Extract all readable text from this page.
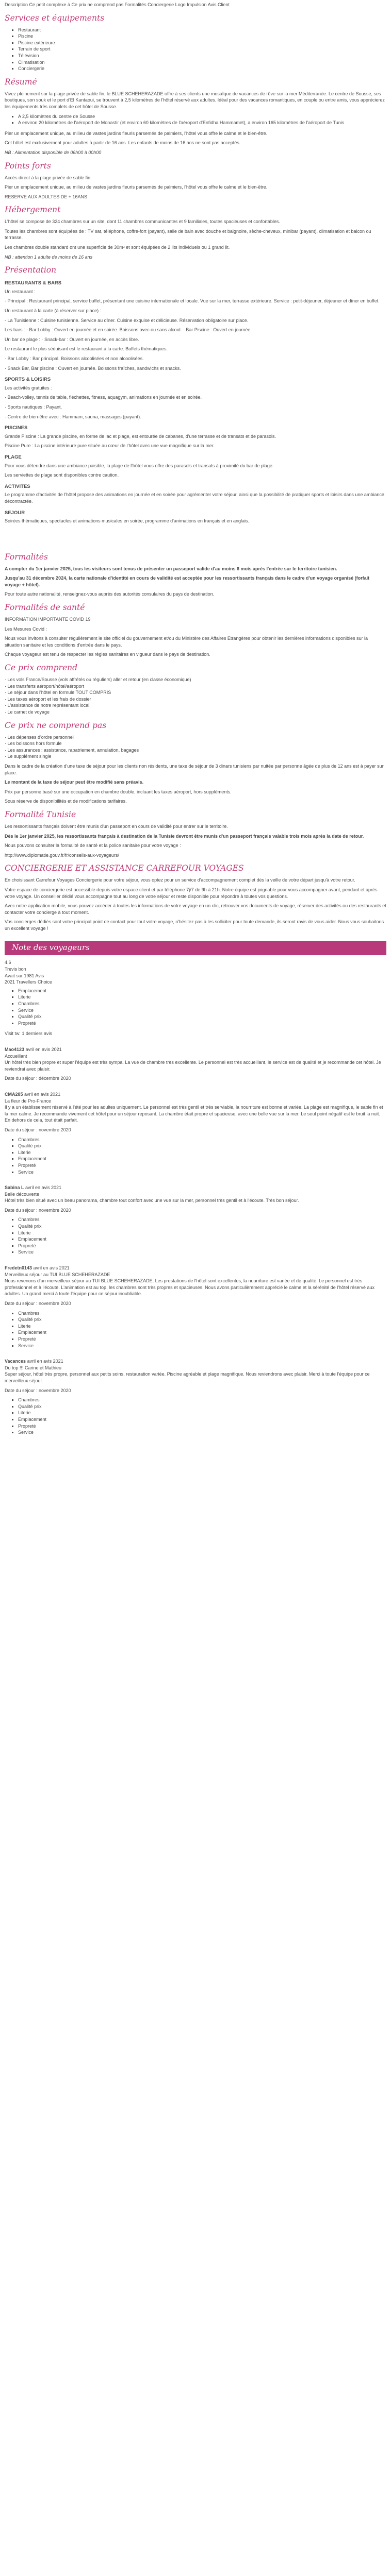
Description Ce petit complexe à Ce prix ne comprend pas Formalités Conciergerie Logo Impulsion Avis Client

Services et équipements
▪ Restaurant
▪ Piscine
▪ Piscine extérieure
▪ Terrain de sport
▪ Télévision
▪ Climatisation
▪ Conciergerie
Résumé

Vivez pleinement sur la plage privée de sable fin, le BLUE SCHEHERAZADE offre à ses clients une mosaïque de vacances de rêve sur la mer Méditerranée. Le centre de Sousse, ses boutiques, son souk et le port d'El Kantaoui, se trouvent à 2,5 kilomètres de l'hôtel réservé aux adultes. Idéal pour des vacances romantiques, en couple ou entre amis, vous apprécierez les équipements très complets de cet hôtel de Sousse.

▪ A 2,5 kilomètres du centre de Sousse
▪ A environ 20 kilomètres de l'aéroport de Monastir (et environ 60 kilomètres de l'aéroport d'Enfidha Hammamet), a environ 165 kilomètres de l'aéroport de Tunis

Pier un emplacement unique, au milieu de vastes jardins fleuris parsemés de palmiers, l'hôtel vous offre le calme et le bien-être.

Cet hôtel est exclusivement pour adultes à partir de 16 ans. Les enfants de moins de 16 ans ne sont pas acceptés.

NB : Alimentation disponible de 06h00 à 00h00

Points forts

Accès direct à la plage privée de sable fin

Pier un emplacement unique, au milieu de vastes jardins fleuris parsemés de palmiers, l'hôtel vous offre le calme et le bien-être.

RESERVE AUX ADULTES DE + 16ANS

Hébergement

L'hôtel se compose de 324 chambres sur un site, dont 11 chambres communicantes et 9 familiales, toutes spacieuses et confortables.

Toutes les chambres sont équipées de : TV sat, téléphone, coffre-fort (payant), salle de bain avec douche et baignoire, sèche-cheveux, minibar (payant), climatisation et balcon ou terrasse.

Les chambres double standard ont une superficie de 30m² et sont équipées de 2 lits individuels ou 1 grand lit.

NB : attention 1 adulte de moins de 16 ans

Présentation
RESTAURANTS & BARS

Un restaurant :

- Principal : Restaurant principal, service buffet, présentant une cuisine internationale et locale. Vue sur la mer, terrasse extérieure. Service : petit-déjeuner, déjeuner et dîner en buffet.

Un restaurant à la carte (à réserver sur place) :

- La Tunisienne : Cuisine tunisienne. Service au dîner. Cuisine exquise et délicieuse. Réservation obligatoire sur place.

Les bars : - Bar Lobby : Ouvert en journée et en soirée. Boissons avec ou sans alcool. · Bar Piscine : Ouvert en journée.

Un bar de plage : · Snack-bar : Ouvert en journée, en accès libre.

Le restaurant le plus séduisant est le restaurant à la carte. Buffets thématiques.

· Bar Lobby : Bar principal. Boissons alcoolisées et non alcoolisées.

· Snack Bar, Bar piscine : Ouvert en journée. Boissons fraîches, sandwichs et snacks.

SPORTS & LOISIRS

Les activités gratuites :

· Beach-volley, tennis de table, fléchettes, fitness, aquagym, animations en journée et en soirée.

· Sports nautiques : Payant.

· Centre de bien-être avec : Hammam, sauna, massages (payant).

PISCINES

Grande Piscine : La grande piscine, en forme de lac et plage, est entourée de cabanes, d'une terrasse et de transats et de parasols.

Piscine Pure : La piscine intérieure pure située au cœur de l'hôtel avec une vue magnifique sur la mer.

PLAGE

Pour vous détendre dans une ambiance paisible, la plage de l'hôtel vous offre des parasols et transats à proximité du bar de plage.

Les serviettes de plage sont disponibles contre caution.

ACTIVITES

Le programme d'activités de l'hôtel propose des animations en journée et en soirée pour agrémenter votre séjour, ainsi que la possibilité de pratiquer sports et loisirs dans une ambiance décontractée.

SEJOUR

Soirées thématiques, spectacles et animations musicales en soirée, programme d'animations en français et en anglais.

Formalités

A compter du 1er janvier 2025, tous les visiteurs sont tenus de présenter un passeport valide d'au moins 6 mois après l'entrée sur le territoire tunisien.

Jusqu'au 31 décembre 2024, la carte nationale d'identité en cours de validité est acceptée pour les ressortissants français dans le cadre d'un voyage organisé (forfait voyage + hôtel).

Pour toute autre nationalité, renseignez-vous auprès des autorités consulaires du pays de destination.

Formalités de santé

INFORMATION IMPORTANTE COVID 19

Les Mesures Covid :

Nous vous invitons à consulter régulièrement le site officiel du gouvernement et/ou du Ministère des Affaires Étrangères pour obtenir les dernières informations disponibles sur la situation sanitaire et les conditions d'entrée dans le pays.

Chaque voyageur est tenu de respecter les règles sanitaires en vigueur dans le pays de destination.

Ce prix comprend

· Les vols France/Sousse (vols affrétés ou réguliers) aller et retour (en classe économique)

· Les transferts aéroport/hôtel/aéroport

· Le séjour dans l'hôtel en formule TOUT COMPRIS

· Les taxes aéroport et les frais de dossier

· L'assistance de notre représentant local

· Le carnet de voyage

Ce prix ne comprend pas

· Les dépenses d'ordre personnel

· Les boissons hors formule

· Les assurances : assistance, rapatriement, annulation, bagages

· Le supplément single

Dans le cadre de la création d'une taxe de séjour pour les clients non résidents, une taxe de séjour de 3 dinars tunisiens par nuitée par personne âgée de plus de 12 ans est à payer sur place.

Le montant de la taxe de séjour peut être modifié sans préavis.

Prix par personne basé sur une occupation en chambre double, incluant les taxes aéroport, hors suppléments.

Sous réserve de disponibilités et de modifications tarifaires.

Formalité Tunisie

Les ressortissants français doivent être munis d'un passeport en cours de validité pour entrer sur le territoire.

Dès le 1er janvier 2025, les ressortissants français à destination de la Tunisie devront être munis d'un passeport français valable trois mois après la date de retour.

Nous pouvons consulter la formalité de santé et la police sanitaire pour votre voyage :

http://www.diplomatie.gouv.fr/fr/conseils-aux-voyageurs/

CONCIERGERIE ET ASSISTANCE CARREFOUR VOYAGES

En choisissant Carrefour Voyages Conciergerie pour votre séjour, vous optez pour un service d'accompagnement complet dès la veille de votre départ jusqu'à votre retour.

Votre espace de conciergerie est accessible depuis votre espace client et par téléphone 7j/7 de 9h à 21h. Notre équipe est joignable pour vous accompagner avant, pendant et après votre voyage. Un conseiller dédié vous accompagne tout au long de votre séjour et reste disponible pour répondre à toutes vos questions.

Avec notre application mobile, vous pouvez accéder à toutes les informations de votre voyage en un clic, retrouver vos documents de voyage, réserver des activités ou des restaurants et contacter votre concierge à tout moment.

Vos concierges dédiés sont votre principal point de contact pour tout votre voyage, n'hésitez pas à les solliciter pour toute demande, ils seront ravis de vous aider. Nous vous souhaitons un excellent voyage !

Note des voyageurs

4.6

Trevis bon

Avait sur 1981 Avis

2021 Travellers Choice

▪ Emplacement
▪ Literie
▪ Chambres
▪ Service
▪ Qualité prix
▪ Propreté

Visit tw: 1 derniers avis

Mao4123 avril en avis 2021

Accueillant

Un hôtel très bien propre et super l'équipe est très sympa. La vue de chambre très excellente. Le personnel est très accueillant, le service est de qualité et je recommande cet hôtel. Je reviendrai avec plaisir.

Date du séjour : décembre 2020

CMA285 avril en avis 2021

La fleur de Pro-France

Il y a un établissement réservé à l'été pour les adultes uniquement. Le personnel est très gentil et très serviable, la nourriture est bonne et variée. La plage est magnifique, le sable fin et la mer calme. Je recommande vivement cet hôtel pour un séjour reposant. La chambre était propre et spacieuse, avec une belle vue sur la mer. Le seul point négatif est le bruit la nuit. En dehors de cela, tout était parfait.

Date du séjour : novembre 2020

▪ Chambres
▪ Qualité prix
▪ Literie
▪ Emplacement
▪ Propreté
▪ Service

Sabina L avril en avis 2021

Belle découverte

Hôtel très bien situé avec un beau panorama, chambre tout confort avec une vue sur la mer, personnel très gentil et à l'écoute. Très bon séjour.

Date du séjour : novembre 2020

▪ Chambres
▪ Qualité prix
▪ Literie
▪ Emplacement
▪ Propreté
▪ Service

Fredetn0143 avril en avis 2021

Merveilleux séjour au TUI BLUE SCHEHERAZADE

Nous revenons d'un merveilleux séjour au TUI BLUE SCHEHERAZADE. Les prestations de l'hôtel sont excellentes, la nourriture est variée et de qualité. Le personnel est très professionnel et à l'écoute. L'animation est au top, les chambres sont très propres et spacieuses. Nous avons particulièrement apprécié le calme et la sérénité de l'hôtel réservé aux adultes. Un grand merci à toute l'équipe pour ce séjour inoubliable.

Date du séjour : novembre 2020

▪ Chambres
▪ Qualité prix
▪ Literie
▪ Emplacement
▪ Propreté
▪ Service

Vacances avril en avis 2021

Du top !!! Carine et Mathieu

Super séjour, hôtel très propre, personnel aux petits soins, restauration variée. Piscine agréable et plage magnifique. Nous reviendrons avec plaisir. Merci à toute l'équipe pour ce merveilleux séjour.

Date du séjour : novembre 2020

▪ Chambres
▪ Qualité prix
▪ Literie
▪ Emplacement
▪ Propreté
▪ Service
